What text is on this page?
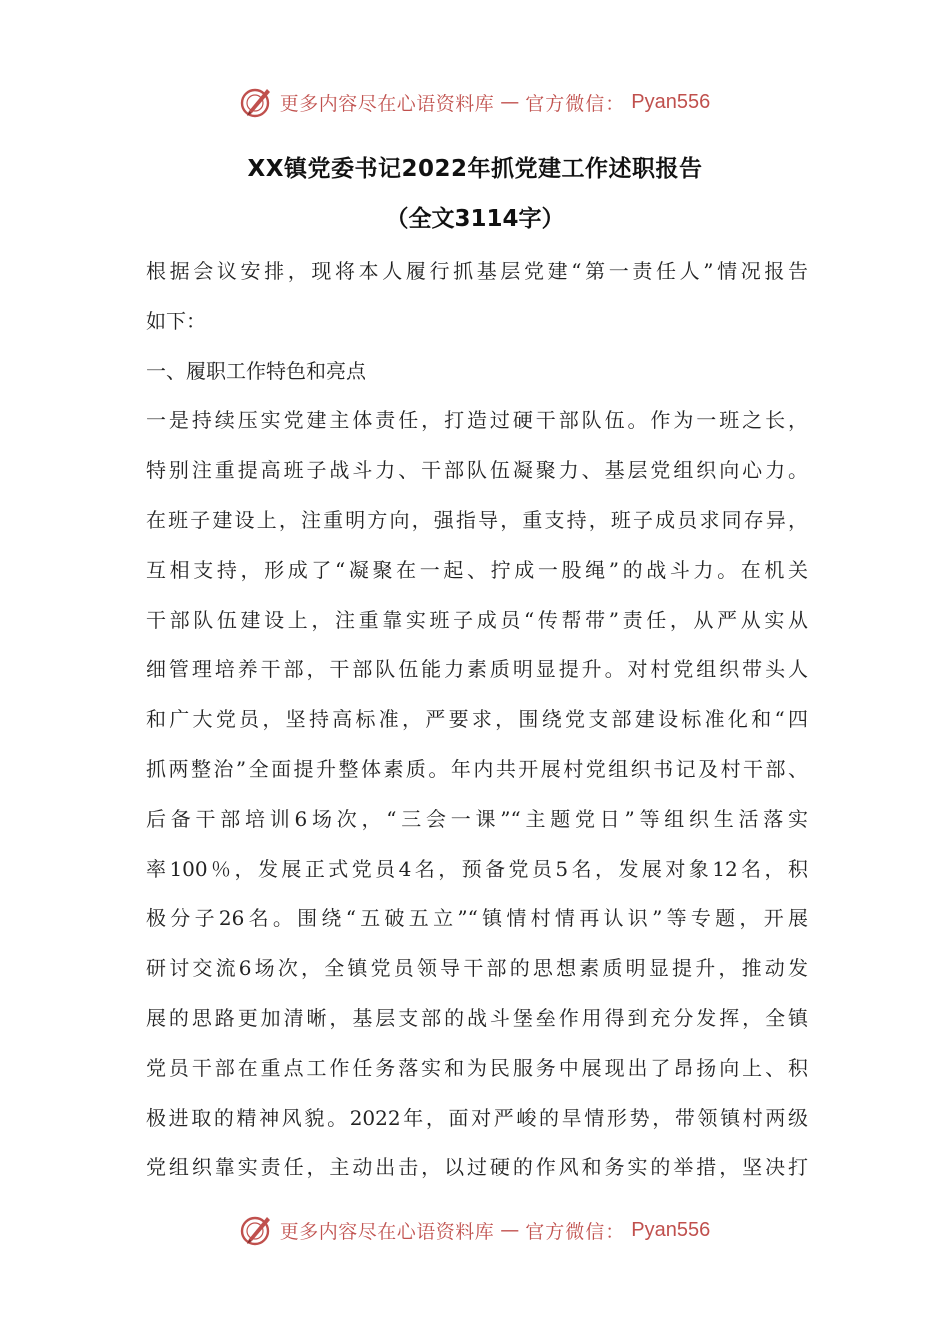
更多内容尽在心语资料库 — 官方微信： Pyan556
XX镇党委书记2022年抓党建工作述职报告
（全文3114字）
根据会议安排，现将本人履行抓基层党建“第一责任人”情况报告
如下：
一、履职工作特色和亮点
一是持续压实党建主体责任，打造过硬干部队伍。作为一班之长，
特别注重提高班子战斗力、干部队伍凝聚力、基层党组织向心力。
在班子建设上，注重明方向，强指导，重支持，班子成员求同存异，
互相支持，形成了“凝聚在一起、拧成一股绳”的战斗力。在机关
干部队伍建设上，注重靠实班子成员“传帮带”责任，从严从实从
细管理培养干部，干部队伍能力素质明显提升。对村党组织带头人
和广大党员，坚持高标准，严要求，围绕党支部建设标准化和“四
抓两整治”全面提升整体素质。年内共开展村党组织书记及村干部、
后备干部培训6场次，“三会一课”“主题党日”等组织生活落实
率100％，发展正式党员4名，预备党员5名，发展对象12名，积
极分子26名。围绕“五破五立”“镇情村情再认识”等专题，开展
研讨交流6场次，全镇党员领导干部的思想素质明显提升，推动发
展的思路更加清晰，基层支部的战斗堡垒作用得到充分发挥，全镇
党员干部在重点工作任务落实和为民服务中展现出了昂扬向上、积
极进取的精神风貌。2022年，面对严峻的旱情形势，带领镇村两级
党组织靠实责任，主动出击，以过硬的作风和务实的举措，坚决打
更多内容尽在心语资料库 — 官方微信： Pyan556
